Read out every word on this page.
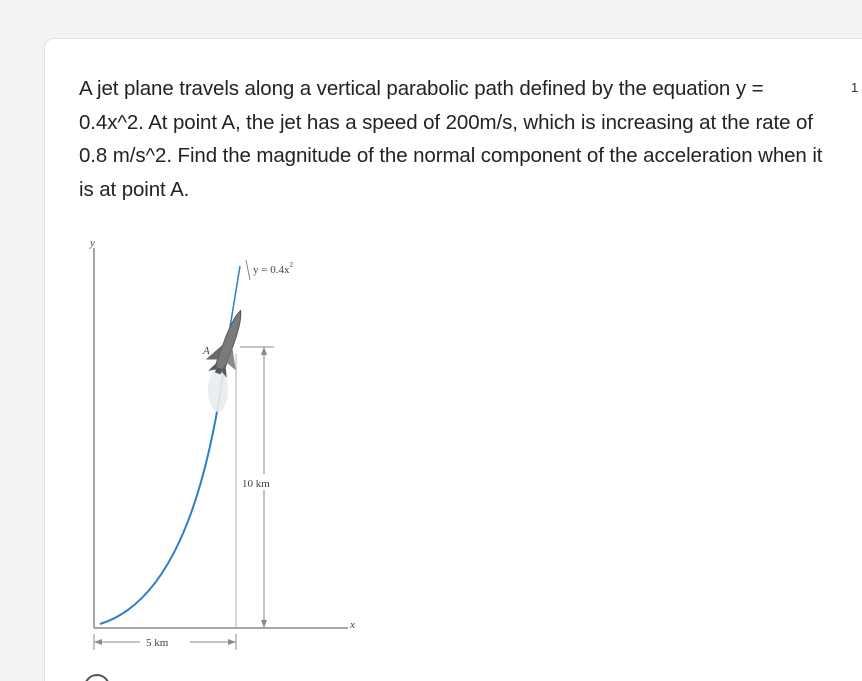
A jet plane travels along a vertical parabolic path defined by the equation y = 0.4x^2. At point A, the jet has a speed of 200m/s, which is increasing at the rate of 0.8 m/s^2. Find the magnitude of the normal component of the acceleration when it is at point A.

1
y
x
$y = 0.4x^2$
A
10 km
5 km
